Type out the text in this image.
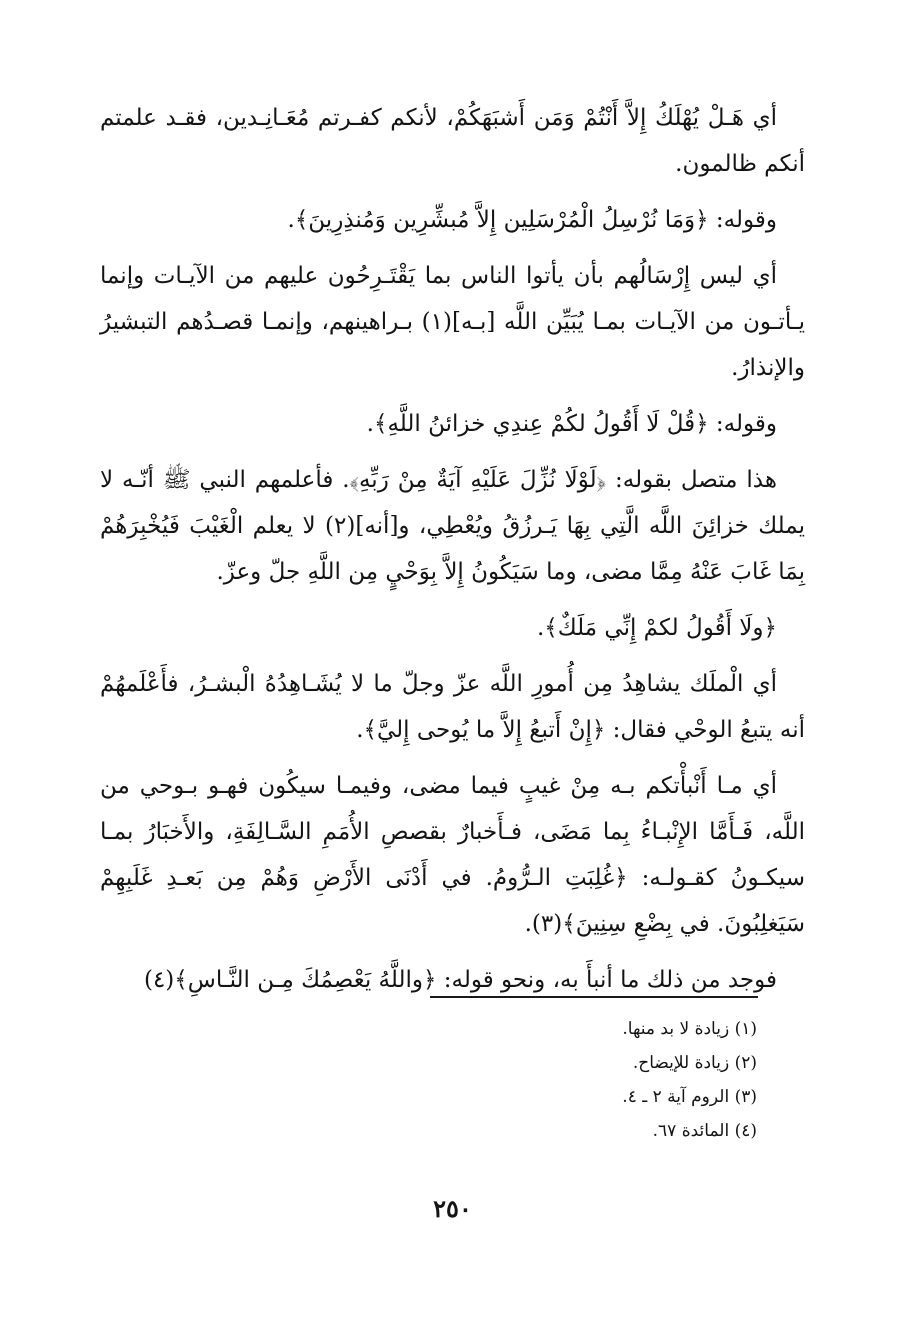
أي هَـلْ يُهْلَكُ إِلاَّ أَنْتُمْ وَمَن أَشبَهَكُمْ، لأنكم كفـرتم مُعَـانِـدين، فقـد علمتم أنكم ظالمون.

وقوله: ﴿وَمَا نُرْسِلُ الْمُرْسَلِين إِلاَّ مُبشِّرِين وَمُنذِرِينَ﴾.

أي ليس إِرْسَالُهم بأن يأتوا الناس بما يَقْتَـرِحُون عليهم من الآيـات وإنما يـأتـون من الآيـات بمـا يُبَيِّن اللَّه [بـه](١) بـراهينهم، وإنمـا قصـدُهم التبشيرُ والإنذارُ.

وقوله: ﴿قُلْ لَا أَقُولُ لكُمْ عِندِي خزائنُ اللَّهِ﴾.

هذا متصل بقوله: ﴿لَوْلَا نُزِّلَ عَلَيْهِ آيَةٌ مِنْ رَبِّهِ﴾. فأعلمهم النبي ﷺ أنّـه لا يملك خزائِنَ اللَّه الَّتِي بِهَا يَـرزُقُ ويُعْطِي، و[أنه](٢) لا يعلم الْغَيْبَ فَيُخْبِرَهُمْ بِمَا غَابَ عَنْهُ مِمَّا مضى، وما سَيَكُونُ إِلاَّ بِوَحْيٍ مِن اللَّهِ جلّ وعزّ.

﴿ولَا أَقُولُ لكمْ إِنِّي مَلَكٌ﴾.

أي الْملَك يشاهِدُ مِن أُمورِ اللَّه عزّ وجلّ ما لا يُشَـاهِدُهُ الْبشـرُ، فأَعْلَمهُمْ أنه يتبعُ الوحْي فقال: ﴿إِنْ أَتبعُ إِلاَّ ما يُوحى إِليَّ﴾.

أي مـا أَنْبأْتكم بـه مِنْ غيبٍ فيما مضى، وفيمـا سيكُون فهـو بـوحي من اللَّه، فَـأَمَّا الإِنْبـاءُ بِما مَضَى، فـأَخبارٌ بقصصِ الأُمَمِ السَّـالِفَةِ، والأَخبَارُ بمـا سيكـونُ كقـولـه: ﴿غُلِبَتِ الـرُّومُ. في أَدْنَى الأَرْضِ وَهُمْ مِن بَعـدِ غَلَبِهِمْ سَيَغلِبُونَ. في بِضْعِ سِنِينَ﴾(٣).

فوجد من ذلك ما أنبأَ به، ونحو قوله: ﴿واللَّهُ يَعْصِمُكَ مِـن النَّـاسِ﴾(٤)

(١) زيادة لا بد منها.

(٢) زيادة للإيضاح.

(٣) الروم آية ٢ ـ ٤.

(٤) المائدة ٦٧.

٢٥٠
